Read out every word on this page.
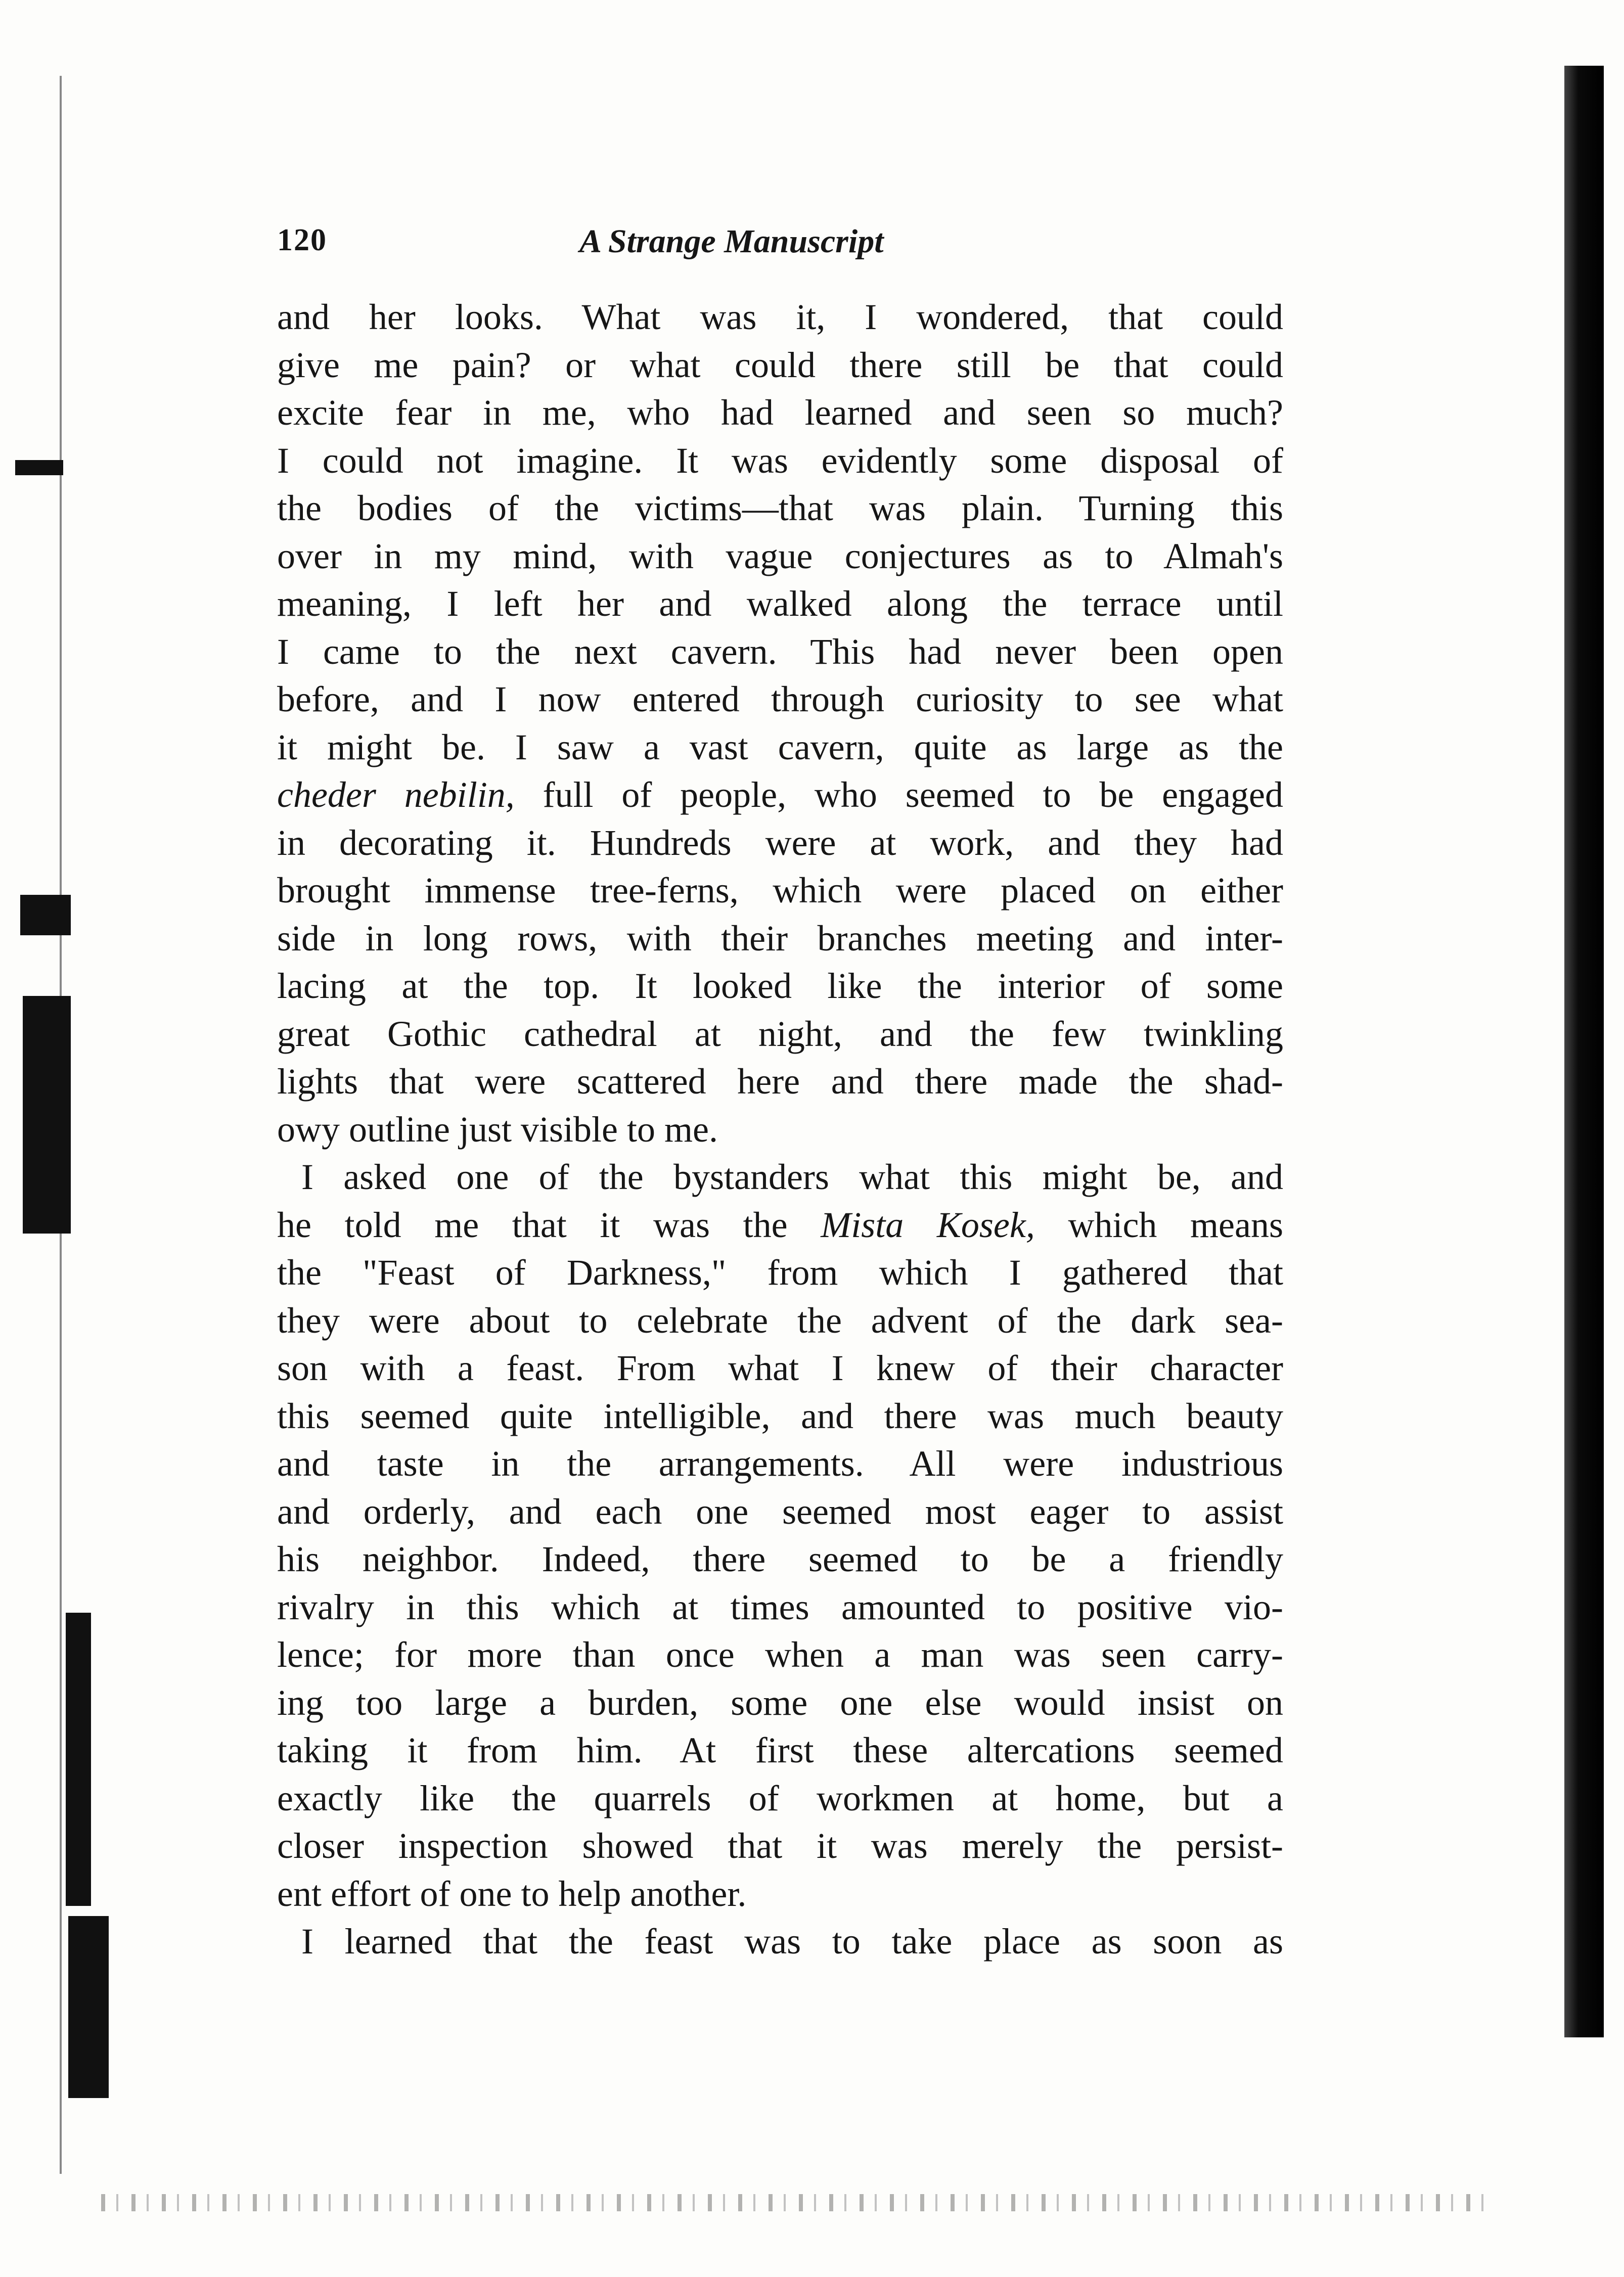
120	A Strange Manuscript
and her looks. What was it, I wondered, that could
give me pain? or what could there still be that could
excite fear in me, who had learned and seen so much?
I could not imagine. It was evidently some disposal of
the bodies of the victims—that was plain. Turning this
over in my mind, with vague conjectures as to Almah's
meaning, I left her and walked along the terrace until
I came to the next cavern. This had never been open
before, and I now entered through curiosity to see what
it might be. I saw a vast cavern, quite as large as the
cheder nebilin, full of people, who seemed to be engaged
in decorating it. Hundreds were at work, and they had
brought immense tree-ferns, which were placed on either
side in long rows, with their branches meeting and inter-
lacing at the top. It looked like the interior of some
great Gothic cathedral at night, and the few twinkling
lights that were scattered here and there made the shad-
owy outline just visible to me.
I asked one of the bystanders what this might be, and
he told me that it was the Mista Kosek, which means
the "Feast of Darkness," from which I gathered that
they were about to celebrate the advent of the dark sea-
son with a feast. From what I knew of their character
this seemed quite intelligible, and there was much beauty
and taste in the arrangements. All were industrious
and orderly, and each one seemed most eager to assist
his neighbor. Indeed, there seemed to be a friendly
rivalry in this which at times amounted to positive vio-
lence; for more than once when a man was seen carry-
ing too large a burden, some one else would insist on
taking it from him. At first these altercations seemed
exactly like the quarrels of workmen at home, but a
closer inspection showed that it was merely the persist-
ent effort of one to help another.
I learned that the feast was to take place as soon as
